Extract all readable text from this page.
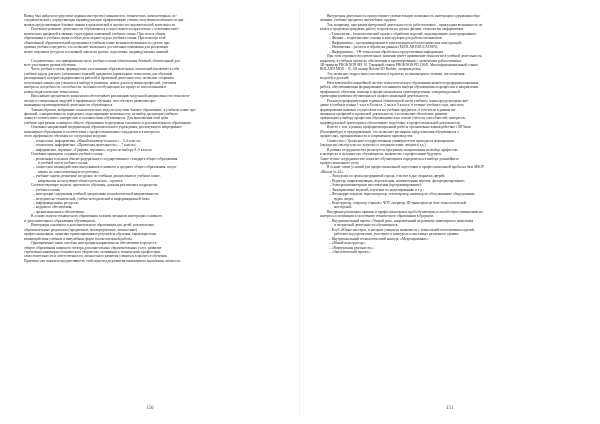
Вывод был найден посредством задания мастерства (гимназисток, технических, компьютерных, ис-
следовательских), определяющая индивидуальную профилизацию учения, получения возможности при-
менять представленные базовые знания в практической и научно-исследовательской деятельности.
Поэтапное развитие деятельности обучающихся осуществляется параллельно с освоением мате-
матических профилей в звеньях структурных изменений учебного плана. При этом в общем
образовании в учебном плане особую роль играют курсы учебного плана. При помощи этой
обновленной образовательной программы в учебном плане возникла возможность сделать про-
граммы учебного предмета, что позволяет выполнить достаточные изменения для реализации
менее затратных ресурсов в основной школе на уроках, подготовки, индивидуальных занятий.
Следовательно, что инвариантная часть учебного плана обязательная базовый, обязательный для
всех участников уровня обучения.
Часть учебного плана, формируемая участниками образовательных отношений (включает в себя
учебные курсы для всех (элективных занятий) предметов (прикладные технологии для обучения
расширенных) которые подкрепляются работой и проектной деятельностью, позволяет сохранить
полученные знания для учащихся к выбору в развитии, новых для получения профессий, учитывая
интересы, потребности, способности, склонности обучающихся в процессе использования в
новых педагогических технологиях.
Наполнение предметного компонента обеспечивает реализацию модульной направленности технологи-
ческих и специальных модулей и профильного обучения, способствует развитию про-
инженерно-проектировочной деятельности обучающихся.
Такими образом, выбранные технологические модули получили базовое образование, в учебном плане про-
фильной, а направленность определяет, моделирование возможности, на выбор дисциплин учебного
плана в соответствии с интересами и склонностями обучающихся. Для выполнения этой цели
учебные программы основного общего образования и программа основного и дополнительного образования.
Основных направлений модернизации образовательного учреждения, реализующего непрерывное
инженерное образование в соответствии с профессиональным стандартом и в интересах
этого профильного обучения по следующим модулям:
– технология, информатика, «Юный инженер-технолог» – 5–6 классы;
– технология, информатика, «Проектная деятельность» – 7 классы;
– информатика, черчение, «Графика, черчение», курсы по выбору 8–9 классы.
Основные принципы создания учебного плана:
– реализация в полном объеме федерального государственного стандарта общего образования
в учебной части учебного плана;
– совместное взаимодействие выпускников основного и среднего общего образования, получ-
ивших их самостоятельную подготовку;
– учебные задачи, решаемые на уроках по учебным дисциплинам в учебном плане,
направлены на получение общего результата – проекта.
Соответствующие модели, проектного обучения, должны реализовать подразделы:
– учебного плана;
– интеграции содержания учебной дисциплины технологической направленности;
– методическо-технической, учебно-методической и информационной базы;
– информационных ресурсов;
– кадрового обеспечения;
– организационного обеспечения.
В основе модели технического образования заложен механизм интеграции основного
и дополнительного образования обучающихся.
Интеграция основного и дополнительного образования для детей, реализующих
образовательные результаты (предметные, метапредметные, личностные),
профессиональные, практико-ориентированные результаты обучения, характеристики
взаимодействия учебных и внеучебных форм, воспитательной работы.
Одновременно такие системы интеграции направлены на обеспечение в процессе
общего образования широкого спектра дополнительных образовательных услуг, развитие
стремления инженерно-технического творчества, мотивации к техническим профессиям,
самостоятельности и ответственности, личностного развития учащихся в процессе обучения.
Практика уже показала продуктивность этой модели для развития инженерного мышления, личности.
Внеурочная деятельность предоставляет увлекательную возможность интеграции содержания обра-
зования: учебные предметы, внеучебные, кружки.
Так, например, программа внеурочной деятельности по робототехнике – прикладная возможность по-
казать и продемонстрировать работу в проектах на уроках физики, технологии, информатики.
– Технология – технологический процесс обработки изделий, моделирование, конструирование;
– Физика – теоретические основы и конструкции для работы механизмов;
– Информатика – программирование и визуализация робототехнических конструкций;
– Математика – расчеты и обработка данных (MATLAB EDUCATION);
– Информатика – VR-технологии обработки и представления информации.
При этом огромное воспитательное значение имеет применение технологии в учебной деятельности,
например, в учебных проектах обеспечения и проектирования с элементами робототехники.
3D-принтер PROKNON MF 10, Токарный станок PROKNON PD 230/E, Многофункциональный станок
ROLAND MDX - 15, 3D сканер Roland 3D Builder, лазерная резка.
Это позволяет подросткам участвовать в проектах по инженерии и технике, изготовления
моделей и деталей.
Неотъемлемой и важнейшей частью технологического образования является профориентационная
работа, обеспечивающая формирование осознанного выбора обучающимися профессии и направления
профильного обучения, помощь в профессиональном самоопределении, и индивидуальной
траектории развития обучающихся в профессиональной деятельности.
Реализуя профориентацию в рамках обязательной части учебного плана предусмотрено вве-
дение в учебные планы 1 часа в 8 классе, 2 часа в 9 классе, в течение учебного года, при этом
формирование навыков осуществляется на учебных предметах, в том числе в рамках ин-
женерных профилей и проектной деятельности, что позволяет обеспечить раннюю
ориентацию к выбору профессии обучающимися на основе учёта их способностей, интересов,
индивидуальной траектории и обеспечивает подготовку к профессиональной деятельности.
Вместе с тем, в рамках профориентационной работы организовано взаимодействие с ВУЗами
(Екатеринбург) и предприятиями, что позволяет расширять представления обучающихся о
профессиях, промышленности и современном производстве.
Совместно с Уральским государственным университетом проводятся мероприятия
(экскурсии, мастер-классы, встречи со специалистами, лекции и т.д.).
В рамках сотрудничества реализуется программа, направленная на выбор профессии
в интересах и склонностях обучающихся, знакомство с профессиями будущего.
Такое тесное сотрудничество помогает обучающимся определиться в выборе дальнейшего
профессионального пути.
В основе таких условий для профессиональной подготовки и профессиональной пробы на базе МБОУ
«Школа № 24»:
– Экскурсии по цехам предприятий города, участие в дне открытых дверей;
– Редактор, корректировщик, верстальщик, компьютерная вёрстка, фоторедактирование;
– Электрокомпьютерные изготовления (программирование);
– Экоуправление моделей, изучение по моделированию и т.д.;
– Фотокорреспондент, видеооператор, телеоператор, инженер по обслуживанию оборудования;
аудио, видео;
– Конструктор, оператор станков с ЧПУ, оператор 3D-принтеров на базе технологической
мастерской.
Внедрение различных практик и профессиональных проб обучающихся способствует повышению их
интереса и мотивации к получению технического образования в будущем.
– Внутришкольный проект «Умный дом», направленный на развитие инженерного мышления
и творческой деятельности обучающихся;
– Клуб «Юные мастера», в котором учащиеся знакомятся с технологией изготовления изделий,
работают над проектами, участвуют в конкурсах и выставках различного уровня;
– Внутришкольный технологический конкурс «Моделирование»;
– «Юный конструктор»;
– «Виртуальная реальность»;
– «Экологический проект».
150	151
